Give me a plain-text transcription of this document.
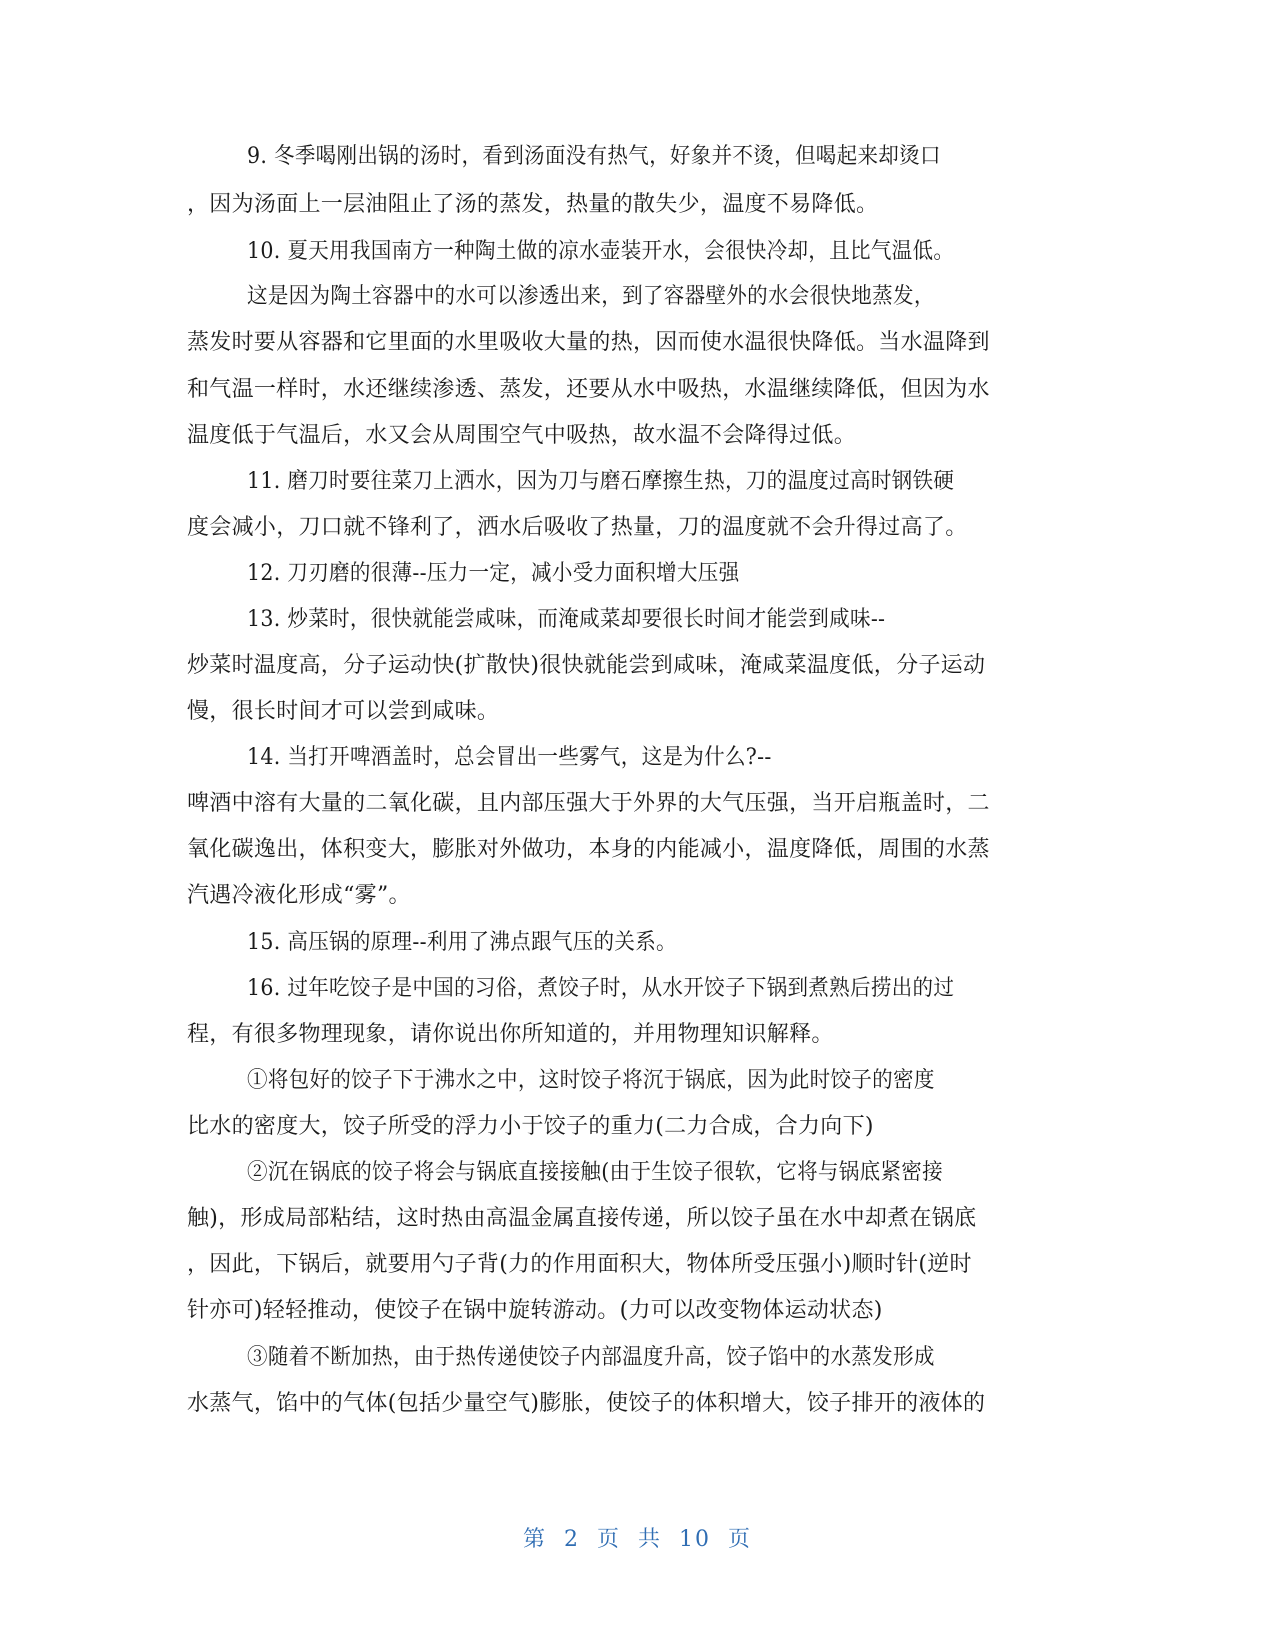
9. 冬季喝刚出锅的汤时，看到汤面没有热气，好象并不烫，但喝起来却烫口
，因为汤面上一层油阻止了汤的蒸发，热量的散失少，温度不易降低。
10. 夏天用我国南方一种陶土做的凉水壶装开水，会很快冷却，且比气温低。
这是因为陶土容器中的水可以渗透出来，到了容器壁外的水会很快地蒸发，
蒸发时要从容器和它里面的水里吸收大量的热，因而使水温很快降低。当水温降到
和气温一样时，水还继续渗透、蒸发，还要从水中吸热，水温继续降低，但因为水
温度低于气温后，水又会从周围空气中吸热，故水温不会降得过低。
11. 磨刀时要往菜刀上洒水，因为刀与磨石摩擦生热，刀的温度过高时钢铁硬
度会减小，刀口就不锋利了，洒水后吸收了热量，刀的温度就不会升得过高了。
12. 刀刃磨的很薄--压力一定，减小受力面积增大压强
13. 炒菜时，很快就能尝咸味，而淹咸菜却要很长时间才能尝到咸味--
炒菜时温度高，分子运动快(扩散快)很快就能尝到咸味，淹咸菜温度低，分子运动
慢，很长时间才可以尝到咸味。
14. 当打开啤酒盖时，总会冒出一些雾气，这是为什么?--
啤酒中溶有大量的二氧化碳，且内部压强大于外界的大气压强，当开启瓶盖时，二
氧化碳逸出，体积变大，膨胀对外做功，本身的内能减小，温度降低，周围的水蒸
汽遇冷液化形成“雾”。
15. 高压锅的原理--利用了沸点跟气压的关系。
16. 过年吃饺子是中国的习俗，煮饺子时，从水开饺子下锅到煮熟后捞出的过
程，有很多物理现象，请你说出你所知道的，并用物理知识解释。
①将包好的饺子下于沸水之中，这时饺子将沉于锅底，因为此时饺子的密度
比水的密度大，饺子所受的浮力小于饺子的重力(二力合成，合力向下)
②沉在锅底的饺子将会与锅底直接接触(由于生饺子很软，它将与锅底紧密接
触)，形成局部粘结，这时热由高温金属直接传递，所以饺子虽在水中却煮在锅底
，因此，下锅后，就要用勺子背(力的作用面积大，物体所受压强小)顺时针(逆时
针亦可)轻轻推动，使饺子在锅中旋转游动。(力可以改变物体运动状态)
③随着不断加热，由于热传递使饺子内部温度升高，饺子馅中的水蒸发形成
水蒸气，馅中的气体(包括少量空气)膨胀，使饺子的体积增大，饺子排开的液体的
第 2 页 共 10 页
